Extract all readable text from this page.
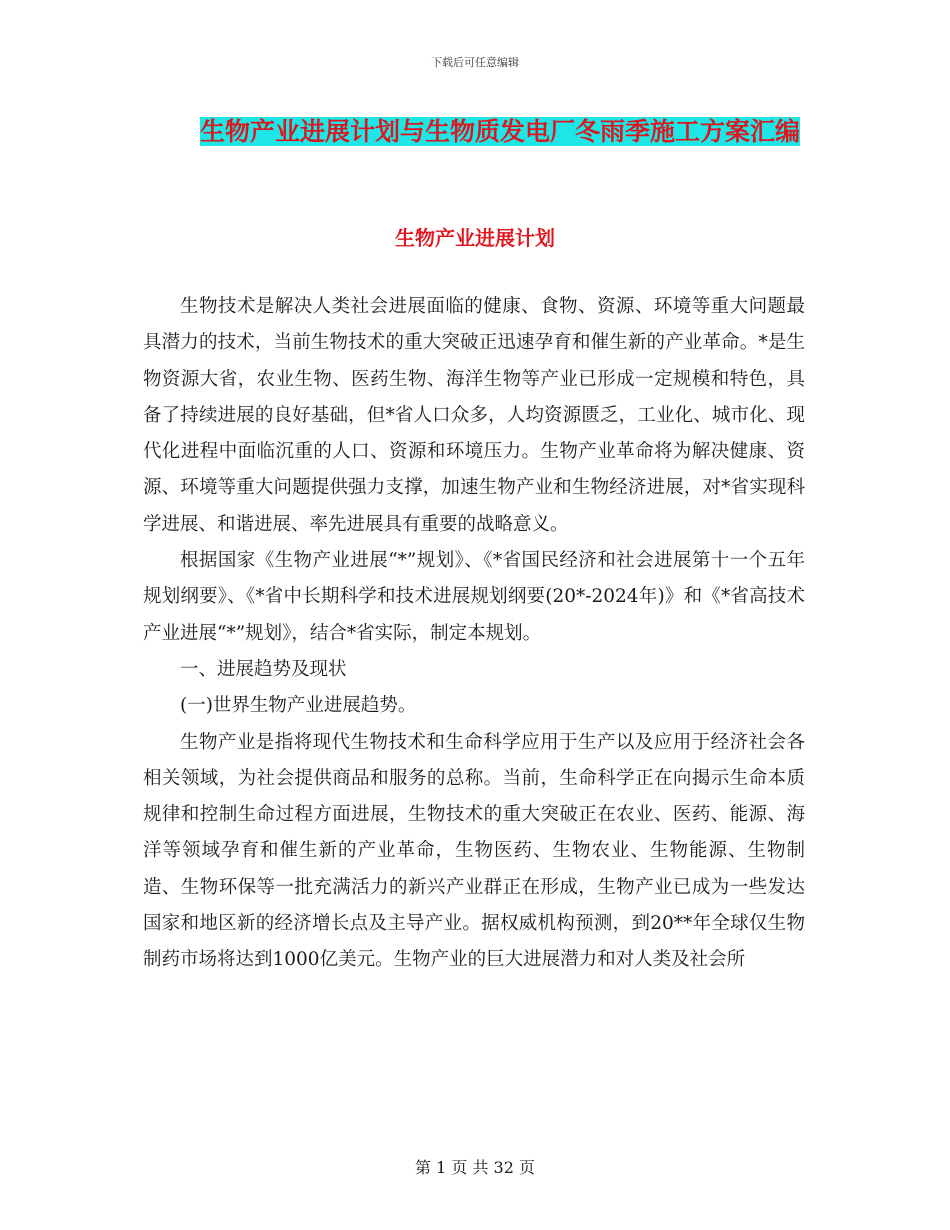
下载后可任意编辑
生物产业进展计划与生物质发电厂冬雨季施工方案汇编
生物产业进展计划

生物技术是解决人类社会进展面临的健康、食物、资源、环境等重大问题最具潜力的技术，当前生物技术的重大突破正迅速孕育和催生新的产业革命。*是生物资源大省，农业生物、医药生物、海洋生物等产业已形成一定规模和特色，具备了持续进展的良好基础，但*省人口众多，人均资源匮乏，工业化、城市化、现代化进程中面临沉重的人口、资源和环境压力。生物产业革命将为解决健康、资源、环境等重大问题提供强力支撑，加速生物产业和生物经济进展，对*省实现科学进展、和谐进展、率先进展具有重要的战略意义。

根据国家《生物产业进展“*”规划》、《*省国民经济和社会进展第十一个五年规划纲要》、《*省中长期科学和技术进展规划纲要(20*-2024年)》和《*省高技术产业进展“*”规划》，结合*省实际，制定本规划。

一、进展趋势及现状

(一)世界生物产业进展趋势。

生物产业是指将现代生物技术和生命科学应用于生产以及应用于经济社会各相关领域，为社会提供商品和服务的总称。当前，生命科学正在向揭示生命本质规律和控制生命过程方面进展，生物技术的重大突破正在农业、医药、能源、海洋等领域孕育和催生新的产业革命，生物医药、生物农业、生物能源、生物制造、生物环保等一批充满活力的新兴产业群正在形成，生物产业已成为一些发达国家和地区新的经济增长点及主导产业。据权威机构预测，到20**年全球仅生物制药市场将达到1000亿美元。生物产业的巨大进展潜力和对人类及社会所

第 1 页 共 32 页
